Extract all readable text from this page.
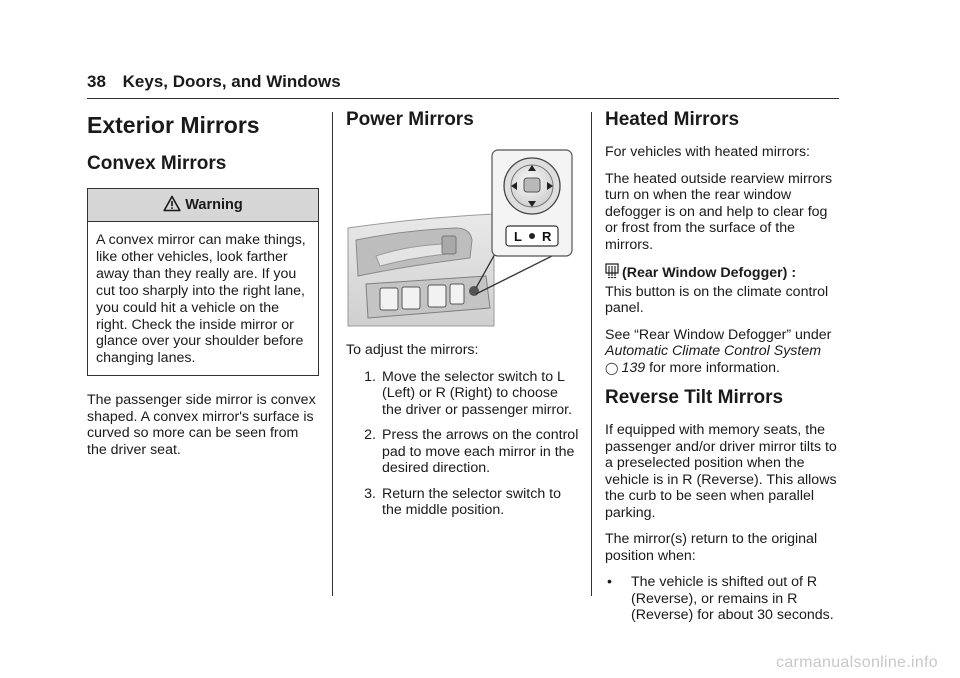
38 Keys, Doors, and Windows
Exterior Mirrors
Convex Mirrors
Warning
A convex mirror can make things, like other vehicles, look farther away than they really are. If you cut too sharply into the right lane, you could hit a vehicle on the right. Check the inside mirror or glance over your shoulder before changing lanes.

The passenger side mirror is convex shaped. A convex mirror's surface is curved so more can be seen from the driver seat.

Power Mirrors
L R

To adjust the mirrors:

1. Move the selector switch to L (Left) or R (Right) to choose the driver or passenger mirror.
2. Press the arrows on the control pad to move each mirror in the desired direction.
3. Return the selector switch to the middle position.
Heated Mirrors

For vehicles with heated mirrors:

The heated outside rearview mirrors turn on when the rear window defogger is on and help to clear fog or frost from the surface of the mirrors.

(Rear Window Defogger) :
This button is on the climate control panel.

See “Rear Window Defogger” under
Automatic Climate Control System
◯ 139 for more information.

Reverse Tilt Mirrors

If equipped with memory seats, the passenger and/or driver mirror tilts to a preselected position when the vehicle is in R (Reverse). This allows the curb to be seen when parallel parking.

The mirror(s) return to the original position when:

•	The vehicle is shifted out of R (Reverse), or remains in R (Reverse) for about 30 seconds.
carmanualsonline.info
